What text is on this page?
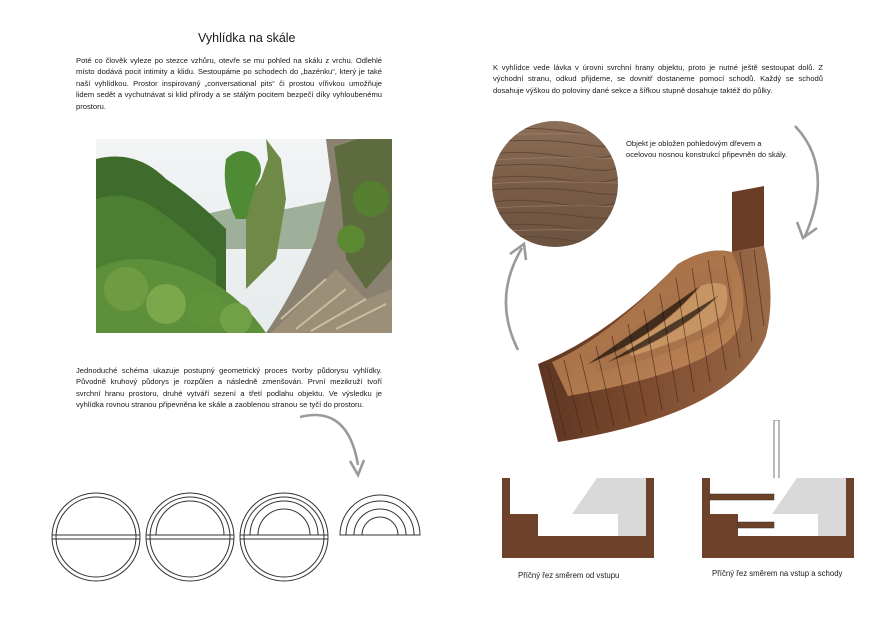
Vyhlídka na skále
Poté co člověk vyleze po stezce vzhůru, otevře se mu pohled na skálu z vrchu. Odlehlé místo dodává pocit intimity a klidu. Sestoupáme po schodech do „bazénku“, který je také naší vyhlídkou. Prostor inspirovaný „conversational pits“ či prostou vířivkou umožňuje lidem sedět a vychutnávat si klid přírody a se stálým pocitem bezpečí díky vyhloubenému prostoru.
Jednoduché schéma ukazuje postupný geometrický proces tvorby půdorysu vyhlídky. Původně kruhový půdorys je rozpůlen a následně zmenšován. První mezikruží tvoří svrchní hranu prostoru, druhé vytváří sezení a třetí podlahu objektu. Ve výsledku je vyhlídka rovnou stranou připevněna ke skále a zaoblenou stranou se tyčí do prostoru.
K vyhlídce vede lávka v úrovni svrchní hrany objektu, proto je nutné ještě sestoupat dolů. Z východní stranu, odkud přijdeme, se dovnitř dostaneme pomocí schodů. Každý se schodů dosahuje výškou do poloviny dané sekce a šířkou stupně dosahuje taktéž do půlky.
Objekt je obložen pohledovým dřevem a ocelovou nosnou konstrukcí připevněn do skály.
Příčný řez směrem od vstupu	Příčný řez směrem na vstup a schody
